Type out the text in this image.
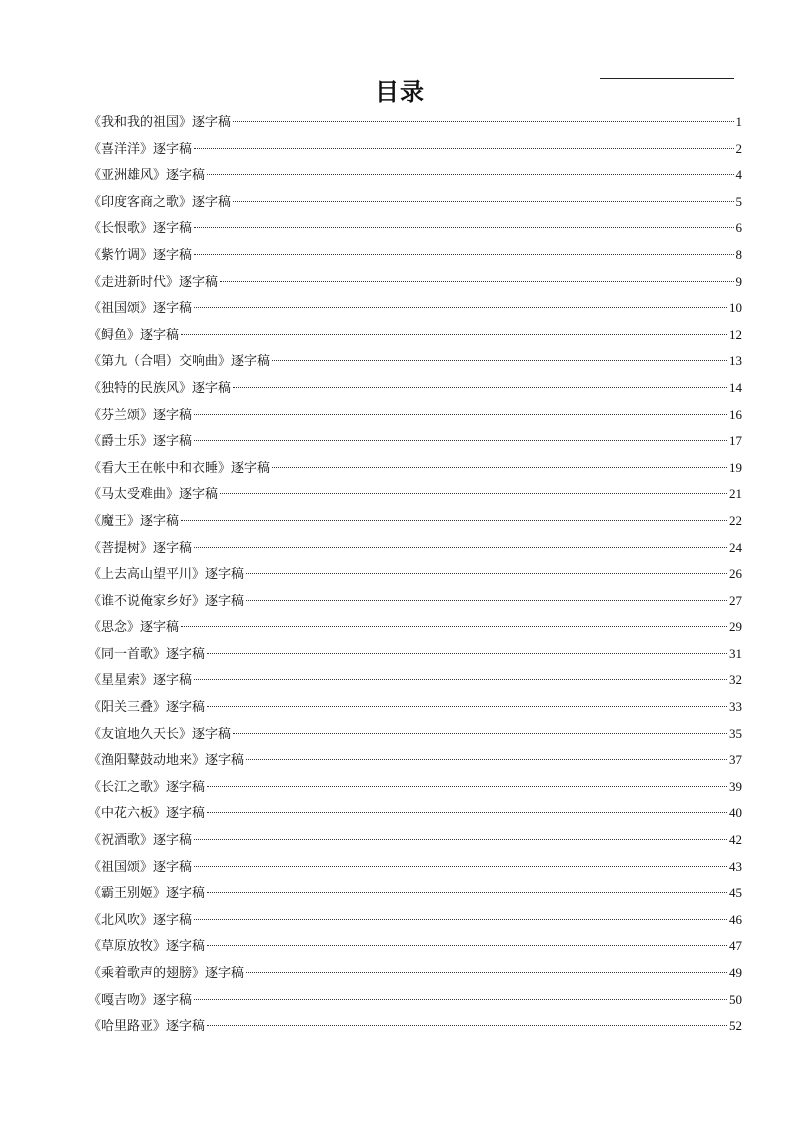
目录
《我和我的祖国》逐字稿	1
《喜洋洋》逐字稿	2
《亚洲雄风》逐字稿	4
《印度客商之歌》逐字稿	5
《长恨歌》逐字稿	6
《紫竹调》逐字稿	8
《走进新时代》逐字稿	9
《祖国颂》逐字稿	10
《鲟鱼》逐字稿	12
《第九（合唱）交响曲》逐字稿	13
《独特的民族风》逐字稿	14
《芬兰颂》逐字稿	16
《爵士乐》逐字稿	17
《看大王在帐中和衣睡》逐字稿	19
《马太受难曲》逐字稿	21
《魔王》逐字稿	22
《菩提树》逐字稿	24
《上去高山望平川》逐字稿	26
《谁不说俺家乡好》逐字稿	27
《思念》逐字稿	29
《同一首歌》逐字稿	31
《星星索》逐字稿	32
《阳关三叠》逐字稿	33
《友谊地久天长》逐字稿	35
《渔阳鼙鼓动地来》逐字稿	37
《长江之歌》逐字稿	39
《中花六板》逐字稿	40
《祝酒歌》逐字稿	42
《祖国颂》逐字稿	43
《霸王别姬》逐字稿	45
《北风吹》逐字稿	46
《草原放牧》逐字稿	47
《乘着歌声的翅膀》逐字稿	49
《嘎吉吻》逐字稿	50
《哈里路亚》逐字稿	52
